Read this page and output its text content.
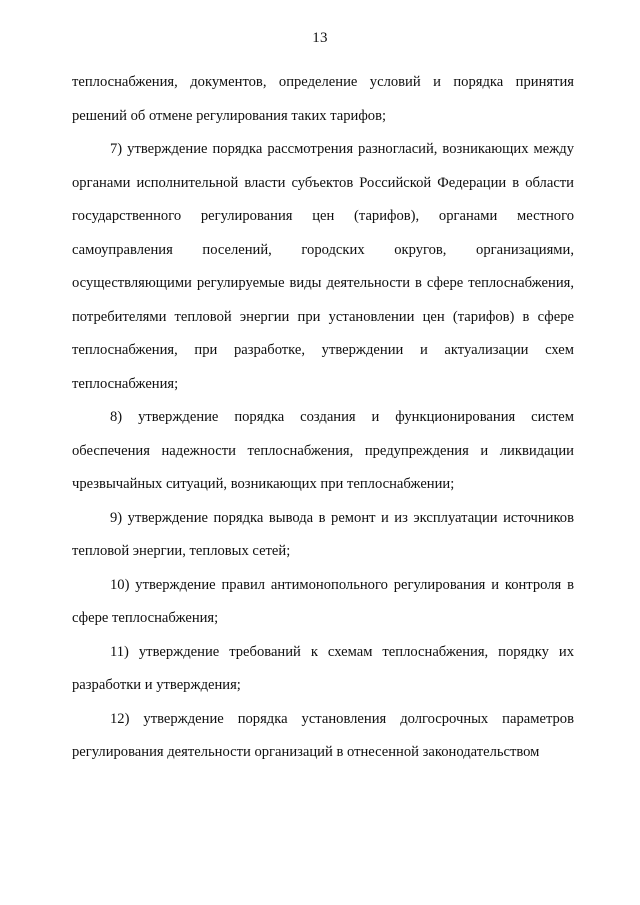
13

теплоснабжения, документов, определение условий и порядка принятия решений об отмене регулирования таких тарифов;

7) утверждение порядка рассмотрения разногласий, возникающих между органами исполнительной власти субъектов Российской Федерации в области государственного регулирования цен (тарифов), органами местного самоуправления поселений, городских округов, организациями, осуществляющими регулируемые виды деятельности в сфере теплоснабжения, потребителями тепловой энергии при установлении цен (тарифов) в сфере теплоснабжения, при разработке, утверждении и актуализации схем теплоснабжения;

8) утверждение порядка создания и функционирования систем обеспечения надежности теплоснабжения, предупреждения и ликвидации чрезвычайных ситуаций, возникающих при теплоснабжении;

9) утверждение порядка вывода в ремонт и из эксплуатации источников тепловой энергии, тепловых сетей;

10) утверждение правил антимонопольного регулирования и контроля в сфере теплоснабжения;

11) утверждение требований к схемам теплоснабжения, порядку их разработки и утверждения;

12) утверждение порядка установления долгосрочных параметров регулирования деятельности организаций в отнесенной законодательством
